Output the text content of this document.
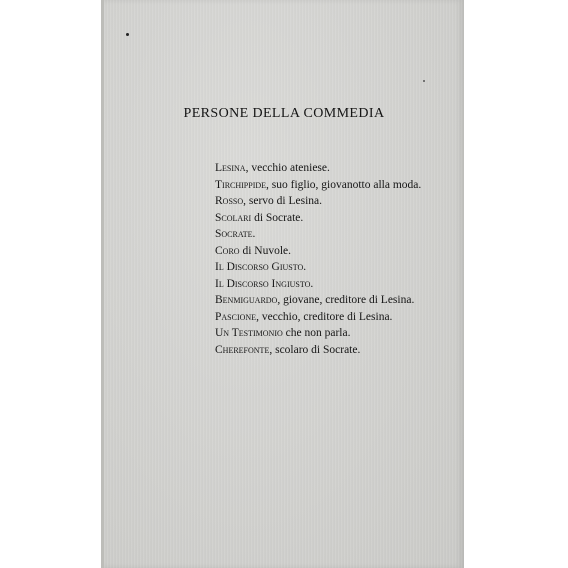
PERSONE DELLA COMMEDIA
Lesina, vecchio ateniese.
Tirchippide, suo figlio, giovanotto alla moda.
Rosso, servo di Lesina.
Scolari di Socrate.
Socrate.
Coro di Nuvole.
Il Discorso Giusto.
Il Discorso Ingiusto.
Benmiguardo, giovane, creditore di Lesina.
Pascione, vecchio, creditore di Lesina.
Un Testimonio che non parla.
Cherefonte, scolaro di Socrate.
